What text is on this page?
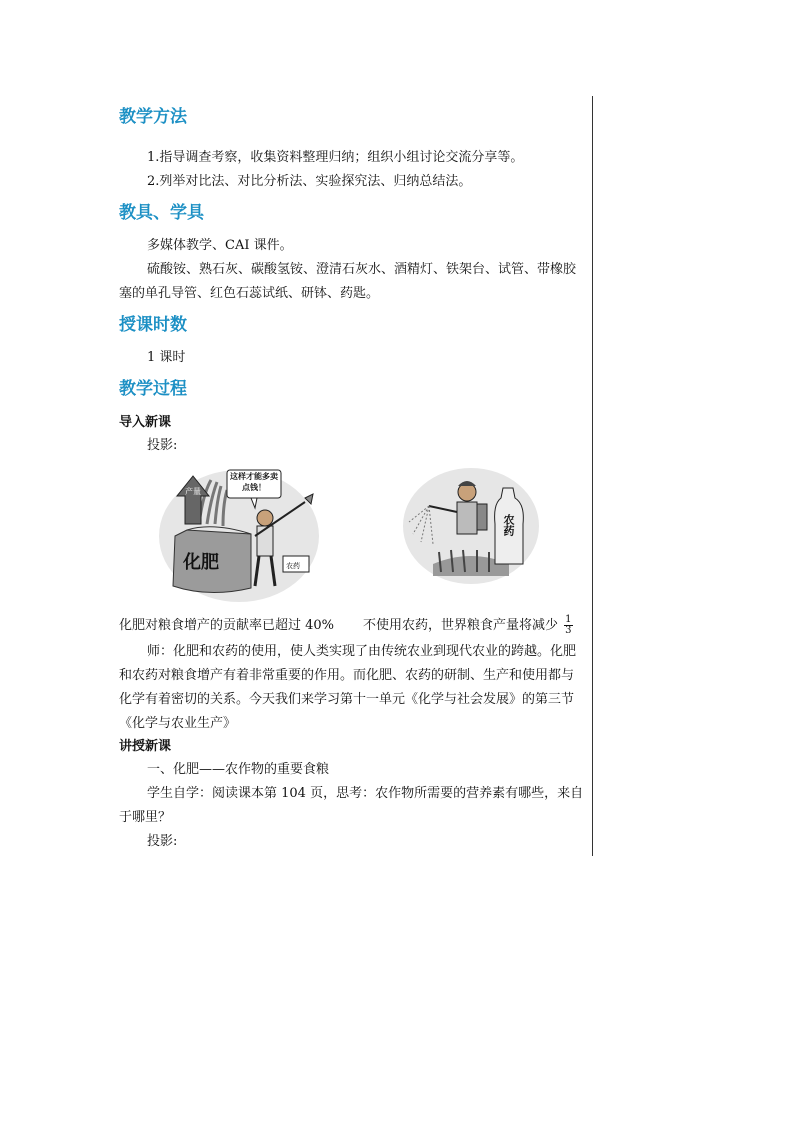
教学方法

1.指导调查考察，收集资料整理归纳；组织小组讨论交流分享等。

2.列举对比法、对比分析法、实验探究法、归纳总结法。

教具、学具

多媒体教学、CAI 课件。

硫酸铵、熟石灰、碳酸氢铵、澄清石灰水、酒精灯、铁架台、试管、带橡胶塞的单孔导管、红色石蕊试纸、研钵、药匙。

授课时数

1 课时

教学过程

导入新课

投影:

化肥
产量
这样才能多卖点钱！
农药
农药
化肥对粮食增产的贡献率已超过 40% 不使用农药，世界粮食产量将减少 $\frac{1}{3}$

师：化肥和农药的使用，使人类实现了由传统农业到现代农业的跨越。化肥和农药对粮食增产有着非常重要的作用。而化肥、农药的研制、生产和使用都与化学有着密切的关系。今天我们来学习第十一单元《化学与社会发展》的第三节《化学与农业生产》

讲授新课

一、化肥——农作物的重要食粮

学生自学：阅读课本第 104 页，思考：农作物所需要的营养素有哪些，来自于哪里？

投影:
